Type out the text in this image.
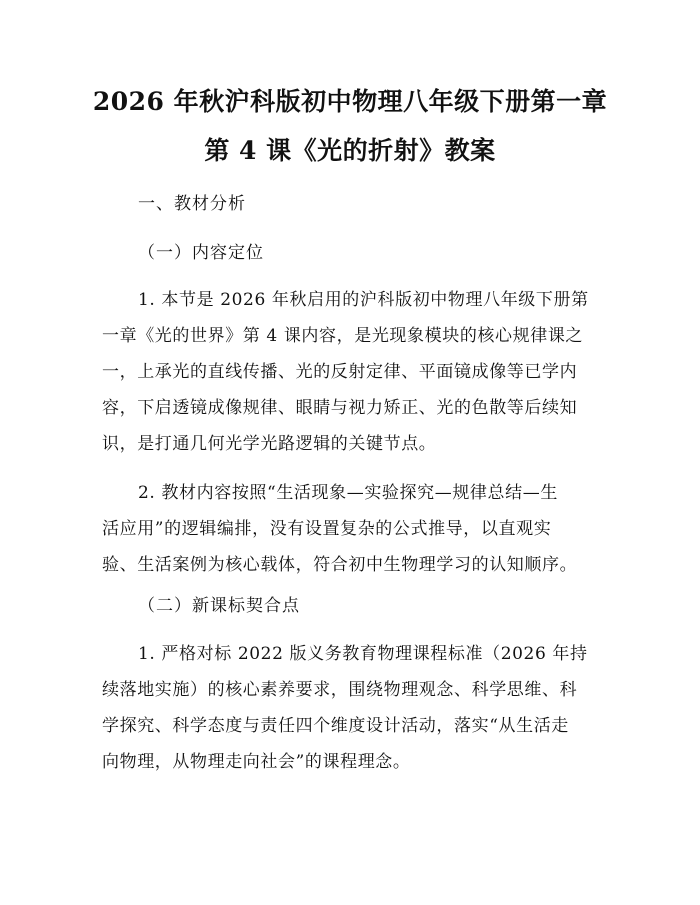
2026 年秋沪科版初中物理八年级下册第一章
第 4 课《光的折射》教案
一、教材分析
（一）内容定位
1. 本节是 2026 年秋启用的沪科版初中物理八年级下册第
一章《光的世界》第 4 课内容，是光现象模块的核心规律课之
一，上承光的直线传播、光的反射定律、平面镜成像等已学内
容，下启透镜成像规律、眼睛与视力矫正、光的色散等后续知
识，是打通几何光学光路逻辑的关键节点。
2. 教材内容按照“生活现象—实验探究—规律总结—生
活应用”的逻辑编排，没有设置复杂的公式推导，以直观实
验、生活案例为核心载体，符合初中生物理学习的认知顺序。
（二）新课标契合点
1. 严格对标 2022 版义务教育物理课程标准（2026 年持
续落地实施）的核心素养要求，围绕物理观念、科学思维、科
学探究、科学态度与责任四个维度设计活动，落实“从生活走
向物理，从物理走向社会”的课程理念。
